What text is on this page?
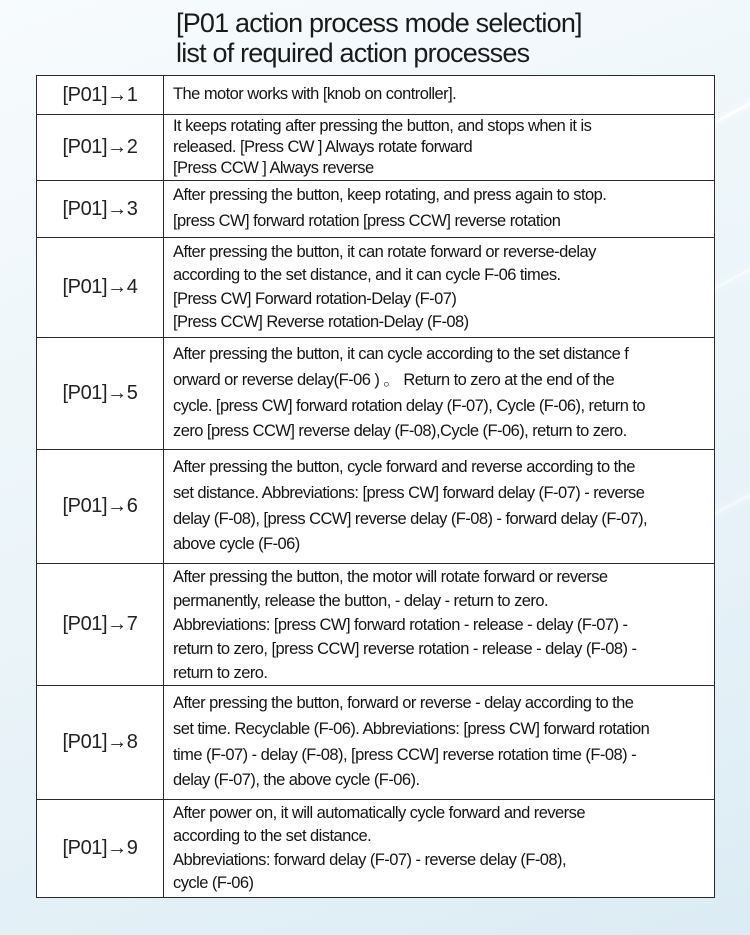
[P01 action process mode selection]
list of required action processes
[P01]→1	The motor works with [knob on controller].

[P01]→2	It keeps rotating after pressing the button, and stops when it is
released. [Press CW ] Always rotate forward
[Press CCW ] Always reverse

[P01]→3	After pressing the button, keep rotating, and press again to stop.
[press CW] forward rotation [press CCW] reverse rotation

[P01]→4	After pressing the button, it can rotate forward or reverse-delay
according to the set distance, and it can cycle F-06 times.
[Press CW] Forward rotation-Delay (F-07)
[Press CCW] Reverse rotation-Delay (F-08)

[P01]→5	After pressing the button, it can cycle according to the set distance f
orward or reverse delay(F-06 ) 。 Return to zero at the end of the
cycle. [press CW] forward rotation delay (F-07), Cycle (F-06), return to
zero [press CCW] reverse delay (F-08),Cycle (F-06), return to zero.

[P01]→6	After pressing the button, cycle forward and reverse according to the
set distance. Abbreviations: [press CW] forward delay (F-07) - reverse
delay (F-08), [press CCW] reverse delay (F-08) - forward delay (F-07),
above cycle (F-06)

[P01]→7	After pressing the button, the motor will rotate forward or reverse
permanently, release the button, - delay - return to zero.
Abbreviations: [press CW] forward rotation - release - delay (F-07) -
return to zero, [press CCW] reverse rotation - release - delay (F-08) -
return to zero.

[P01]→8	After pressing the button, forward or reverse - delay according to the
set time. Recyclable (F-06). Abbreviations: [press CW] forward rotation
time (F-07) - delay (F-08), [press CCW] reverse rotation time (F-08) -
delay (F-07), the above cycle (F-06).

[P01]→9	After power on, it will automatically cycle forward and reverse
according to the set distance.
Abbreviations: forward delay (F-07) - reverse delay (F-08),
cycle (F-06)
